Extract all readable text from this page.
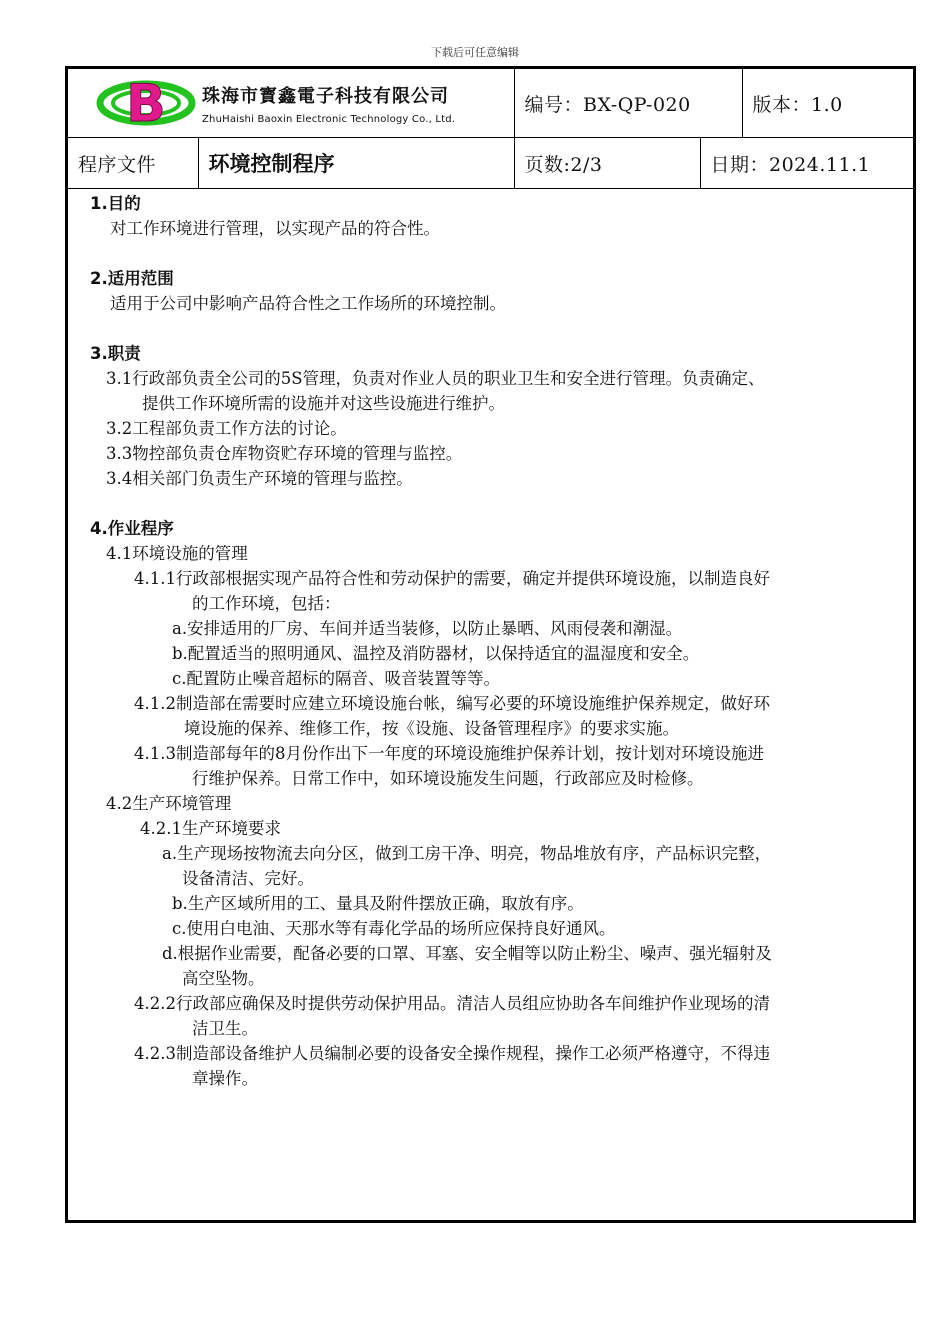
下载后可任意编辑
B 珠海市寳鑫電子科技有限公司
ZhuHaishi Baoxin Electronic Technology Co., Ltd.		编号：BX-QP-020		版本：1.0
程序文件	环境控制程序	页数:2/3	日期：2024.11.1	
1.目的
对工作环境进行管理，以实现产品的符合性。
2.适用范围
适用于公司中影响产品符合性之工作场所的环境控制。
3.职责
3.1行政部负责全公司的5S管理，负责对作业人员的职业卫生和安全进行管理。负责确定、
提供工作环境所需的设施并对这些设施进行维护。
3.2工程部负责工作方法的讨论。
3.3物控部负责仓库物资贮存环境的管理与监控。
3.4相关部门负责生产环境的管理与监控。
4.作业程序
4.1环境设施的管理
4.1.1行政部根据实现产品符合性和劳动保护的需要，确定并提供环境设施，以制造良好
的工作环境，包括：
a.安排适用的厂房、车间并适当装修，以防止暴晒、风雨侵袭和潮湿。
b.配置适当的照明通风、温控及消防器材，以保持适宜的温湿度和安全。
c.配置防止噪音超标的隔音、吸音装置等等。
4.1.2制造部在需要时应建立环境设施台帐，编写必要的环境设施维护保养规定，做好环
境设施的保养、维修工作，按《设施、设备管理程序》的要求实施。
4.1.3制造部每年的8月份作出下一年度的环境设施维护保养计划，按计划对环境设施进
行维护保养。日常工作中，如环境设施发生问题，行政部应及时检修。
4.2生产环境管理
4.2.1生产环境要求
a.生产现场按物流去向分区，做到工房干净、明亮，物品堆放有序，产品标识完整，
设备清洁、完好。
b.生产区域所用的工、量具及附件摆放正确，取放有序。
c.使用白电油、天那水等有毒化学品的场所应保持良好通风。
d.根据作业需要，配备必要的口罩、耳塞、安全帽等以防止粉尘、噪声、强光辐射及
高空坠物。
4.2.2行政部应确保及时提供劳动保护用品。清洁人员组应协助各车间维护作业现场的清
洁卫生。
4.2.3制造部设备维护人员编制必要的设备安全操作规程，操作工必须严格遵守，不得违
章操作。
